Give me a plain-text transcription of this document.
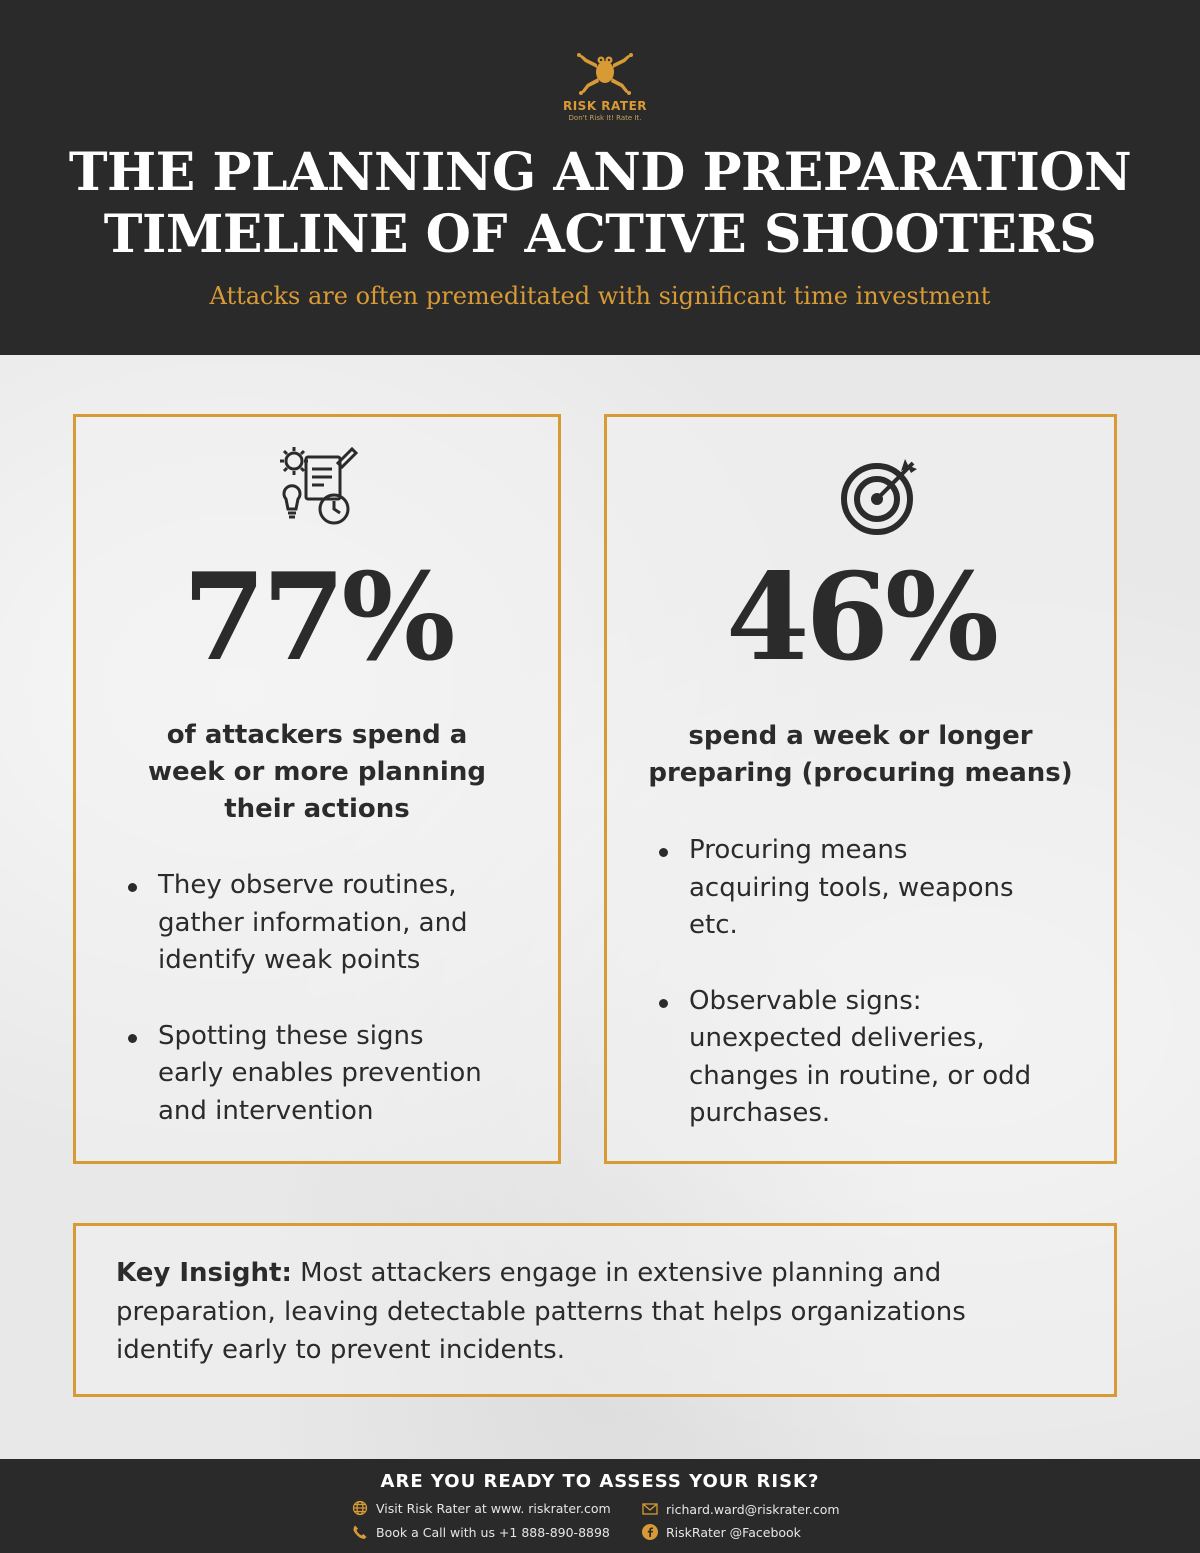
RISK RATER
Don't Risk It! Rate It.
THE PLANNING AND PREPARATION
TIMELINE OF ACTIVE SHOOTERS
Attacks are often premeditated with significant time investment
77%
of attackers spend a
week or more planning
their actions
They observe routines,
gather information, and
identify weak points
Spotting these signs
early enables prevention
and intervention
46%
spend a week or longer
preparing (procuring means)
Procuring means
acquiring tools, weapons
etc.
Observable signs:
unexpected deliveries,
changes in routine, or odd
purchases.
Key Insight: Most attackers engage in extensive planning and
preparation, leaving detectable patterns that helps organizations
identify early to prevent incidents.
ARE YOU READY TO ASSESS YOUR RISK?
Visit Risk Rater at www. riskrater.com
Book a Call with us +1 888-890-8898
richard.ward@riskrater.com
RiskRater @Facebook
